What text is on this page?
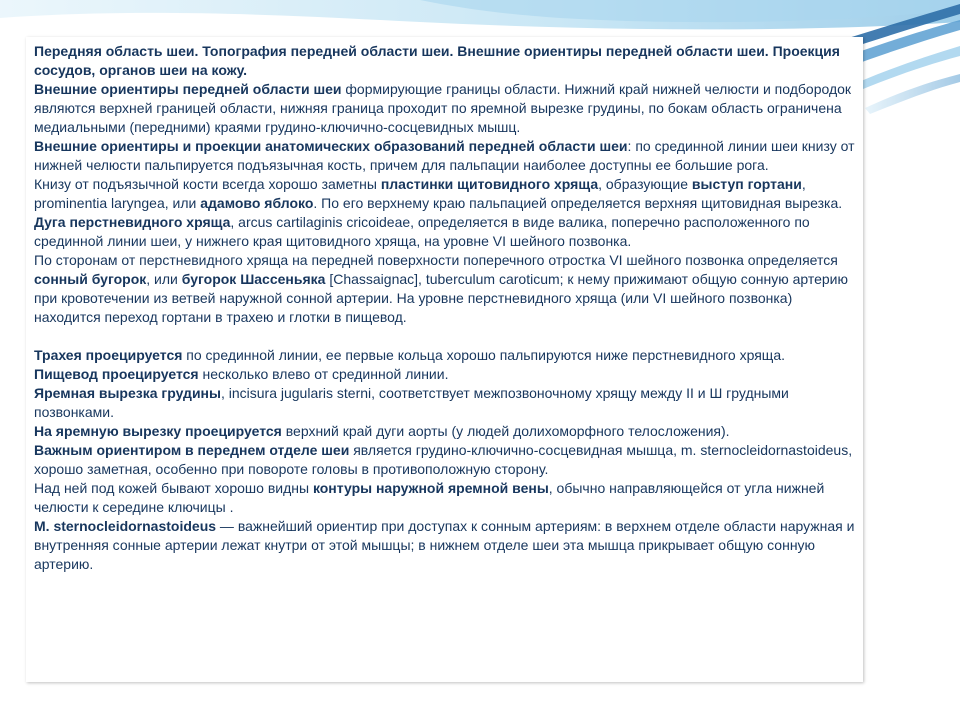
Передняя область шеи. Топография передней области шеи. Внешние ориентиры передней области шеи. Проекция сосудов, органов шеи на кожу.

Внешние ориентиры передней области шеи формирующие границы области. Нижний край нижней челюсти и подбородок являются верхней границей области, нижняя граница проходит по яремной вырезке грудины, по бокам область ограничена медиальными (передними) краями грудино-ключично-сосцевидных мышц.

Внешние ориентиры и проекции анатомических образований передней области шеи: по срединной линии шеи книзу от нижней челюсти пальпируется подъязычная кость, причем для пальпации наиболее доступны ее большие рога.

Книзу от подъязычной кости всегда хорошо заметны пластинки щитовидного хряща, образующие выступ гортани, prominentia laryngea, или адамово яблоко. По его верхнему краю пальпацией определяется верхняя щитовидная вырезка.

Дуга перстневидного хряща, arcus cartilaginis cricoideae, определяется в виде валика, поперечно расположенного по срединной линии шеи, у нижнего края щитовидного хряща, на уровне VI шейного позвонка.

По сторонам от перстневидного хряща на передней поверхности поперечного отростка VI шейного позвонка определяется сонный бугорок, или бугорок Шассеньяка [Chassaignac], tuberculum caroticum; к нему прижимают общую сонную артерию при кровотечении из ветвей наружной сонной артерии. На уровне перстневидного хряща (или VI шейного позвонка) находится переход гортани в трахею и глотки в пищевод.

Трахея проецируется по срединной линии, ее первые кольца хорошо пальпируются ниже перстневидного хряща.

Пищевод проецируется несколько влево от срединной линии.

Яремная вырезка грудины, incisura jugularis sterni, соответствует межпозвоночному хрящу между II и Ш грудными позвонками.

На яремную вырезку проецируется верхний край дуги аорты (у людей долихоморфного телосложения).

Важным ориентиром в переднем отделе шеи является грудино-ключично-сосцевидная мышца, m. sternocleidornastoideus, хорошо заметная, особенно при повороте головы в противоположную сторону.

Над ней под кожей бывают хорошо видны контуры наружной яремной вены, обычно направляющейся от угла нижней челюсти к середине ключицы .

M. sternocleidornastoideus — важнейший ориентир при доступах к сонным артериям: в верхнем отделе области наружная и внутренняя сонные артерии лежат кнутри от этой мышцы; в нижнем отделе шеи эта мышца прикрывает общую сонную артерию.
